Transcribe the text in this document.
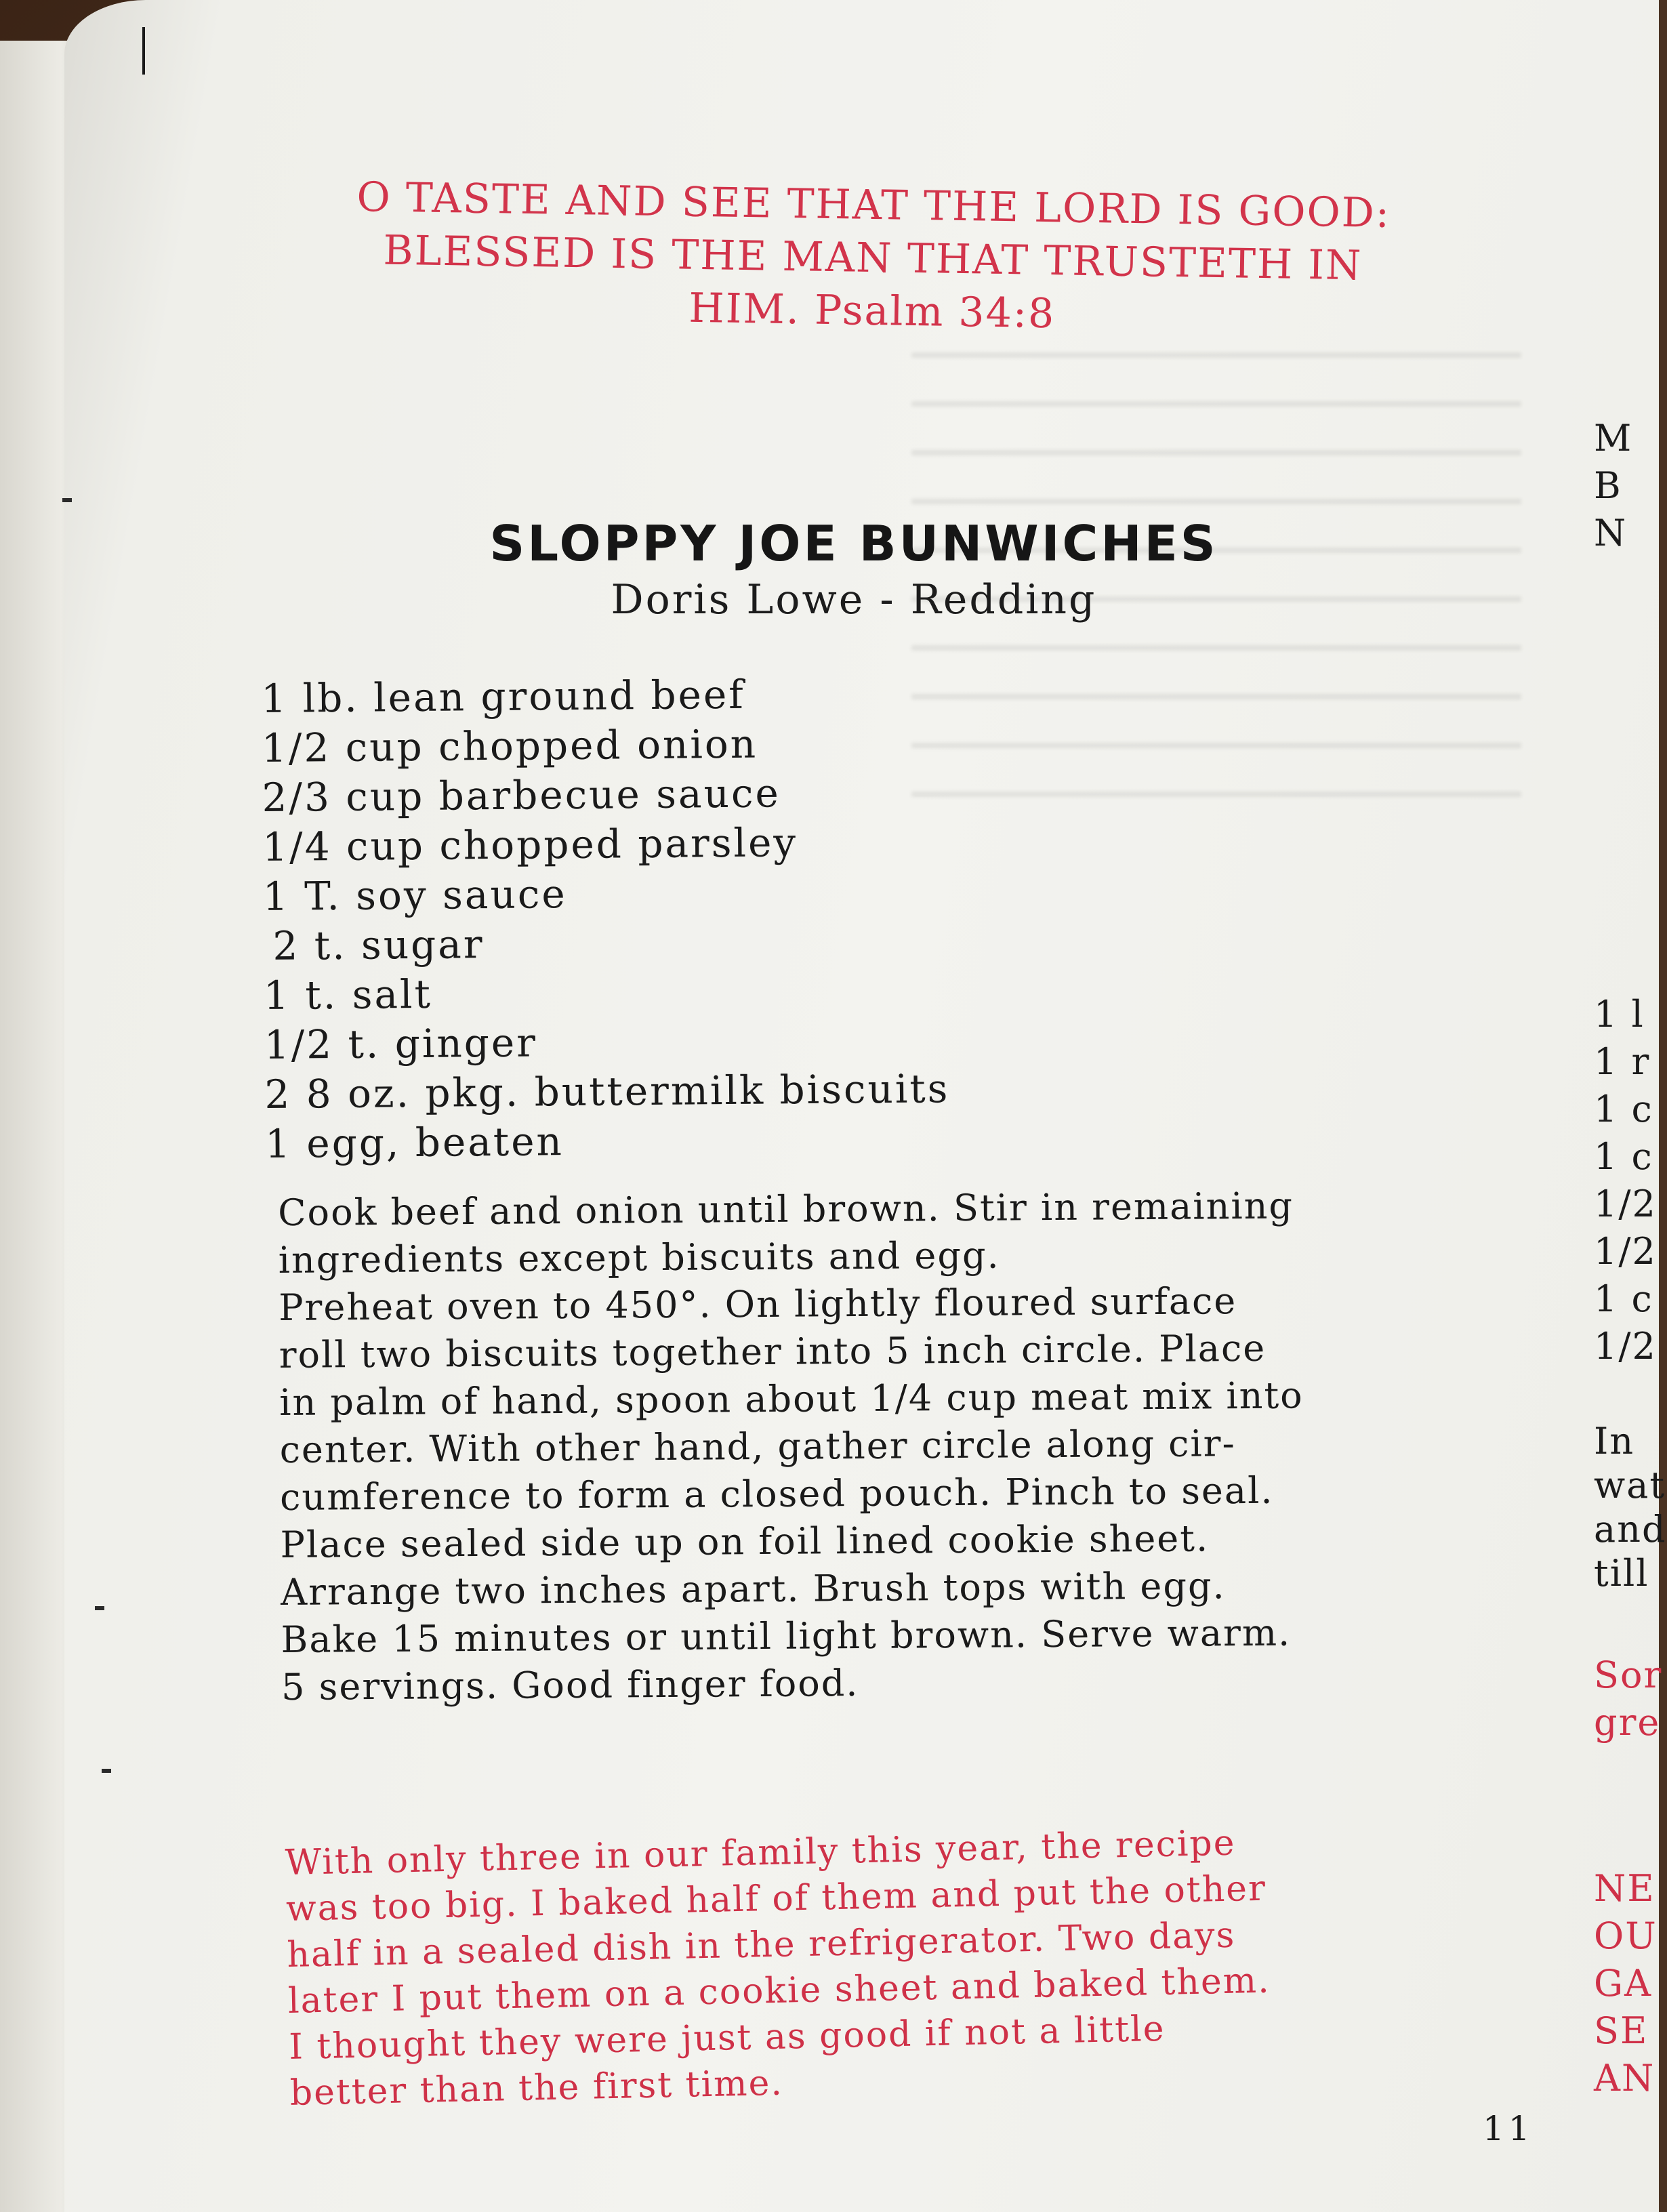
O TASTE AND SEE THAT THE LORD IS GOOD:
BLESSED IS THE MAN THAT TRUSTETH IN
HIM. Psalm 34:8
SLOPPY JOE BUNWICHES
Doris Lowe - Redding
1 lb. lean ground beef
1/2 cup chopped onion
2/3 cup barbecue sauce
1/4 cup chopped parsley
1 T. soy sauce
2 t. sugar
1 t. salt
1/2 t. ginger
2 8 oz. pkg. buttermilk biscuits
1 egg, beaten
Cook beef and onion until brown. Stir in remaining
ingredients except biscuits and egg.
Preheat oven to 450°. On lightly floured surface
roll two biscuits together into 5 inch circle. Place
in palm of hand, spoon about 1/4 cup meat mix into
center. With other hand, gather circle along cir-
cumference to form a closed pouch. Pinch to seal.
Place sealed side up on foil lined cookie sheet.
Arrange two inches apart. Brush tops with egg.
Bake 15 minutes or until light brown. Serve warm.
5 servings. Good finger food.
With only three in our family this year, the recipe
was too big. I baked half of them and put the other
half in a sealed dish in the refrigerator. Two days
later I put them on a cookie sheet and baked them.
I thought they were just as good if not a little
better than the first time.
11
M
B
N
1 l
1 r
1 c
1 c
1/2
1/2
1 c
1/2
In
wat
and
till
Sor
gre
NE
OU
GA
SE
AN
